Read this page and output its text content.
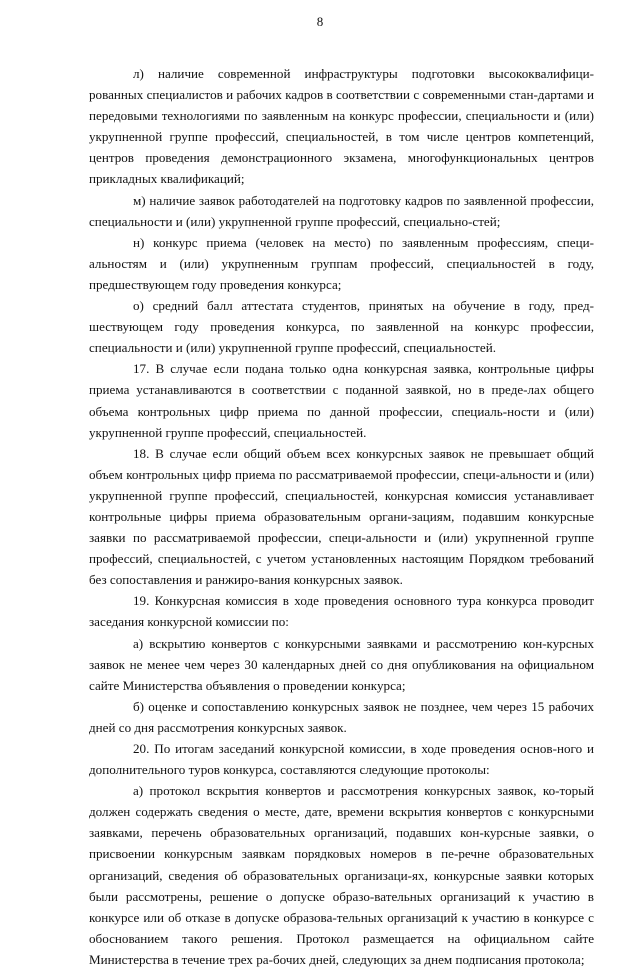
8

л) наличие современной инфраструктуры подготовки высококвалифици-рованных специалистов и рабочих кадров в соответствии с современными стан-дартами и передовыми технологиями по заявленным на конкурс профессии, специальности и (или) укрупненной группе профессий, специальностей, в том числе центров компетенций, центров проведения демонстрационного экзамена, многофункциональных центров прикладных квалификаций;

м) наличие заявок работодателей на подготовку кадров по заявленной профессии, специальности и (или) укрупненной группе профессий, специально-стей;

н) конкурс приема (человек на место) по заявленным профессиям, специ-альностям и (или) укрупненным группам профессий, специальностей в году, предшествующем году проведения конкурса;

о) средний балл аттестата студентов, принятых на обучение в году, пред-шествующем году проведения конкурса, по заявленной на конкурс профессии, специальности и (или) укрупненной группе профессий, специальностей.

17. В случае если подана только одна конкурсная заявка, контрольные цифры приема устанавливаются в соответствии с поданной заявкой, но в преде-лах общего объема контрольных цифр приема по данной профессии, специаль-ности и (или) укрупненной группе профессий, специальностей.

18. В случае если общий объем всех конкурсных заявок не превышает общий объем контрольных цифр приема по рассматриваемой профессии, специ-альности и (или) укрупненной группе профессий, специальностей, конкурсная комиссия устанавливает контрольные цифры приема образовательным органи-зациям, подавшим конкурсные заявки по рассматриваемой профессии, специ-альности и (или) укрупненной группе профессий, специальностей, с учетом установленных настоящим Порядком требований без сопоставления и ранжиро-вания конкурсных заявок.

19. Конкурсная комиссия в ходе проведения основного тура конкурса проводит заседания конкурсной комиссии по:

а) вскрытию конвертов с конкурсными заявками и рассмотрению кон-курсных заявок не менее чем через 30 календарных дней со дня опубликования на официальном сайте Министерства объявления о проведении конкурса;

б) оценке и сопоставлению конкурсных заявок не позднее, чем через 15 рабочих дней со дня рассмотрения конкурсных заявок.

20. По итогам заседаний конкурсной комиссии, в ходе проведения основ-ного и дополнительного туров конкурса, составляются следующие протоколы:

а) протокол вскрытия конвертов и рассмотрения конкурсных заявок, ко-торый должен содержать сведения о месте, дате, времени вскрытия конвертов с конкурсными заявками, перечень образовательных организаций, подавших кон-курсные заявки, о присвоении конкурсным заявкам порядковых номеров в пе-речне образовательных организаций, сведения об образовательных организаци-ях, конкурсные заявки которых были рассмотрены, решение о допуске образо-вательных организаций к участию в конкурсе или об отказе в допуске образова-тельных организаций к участию в конкурсе с обоснованием такого решения. Протокол размещается на официальном сайте Министерства в течение трех ра-бочих дней, следующих за днем подписания протокола;
